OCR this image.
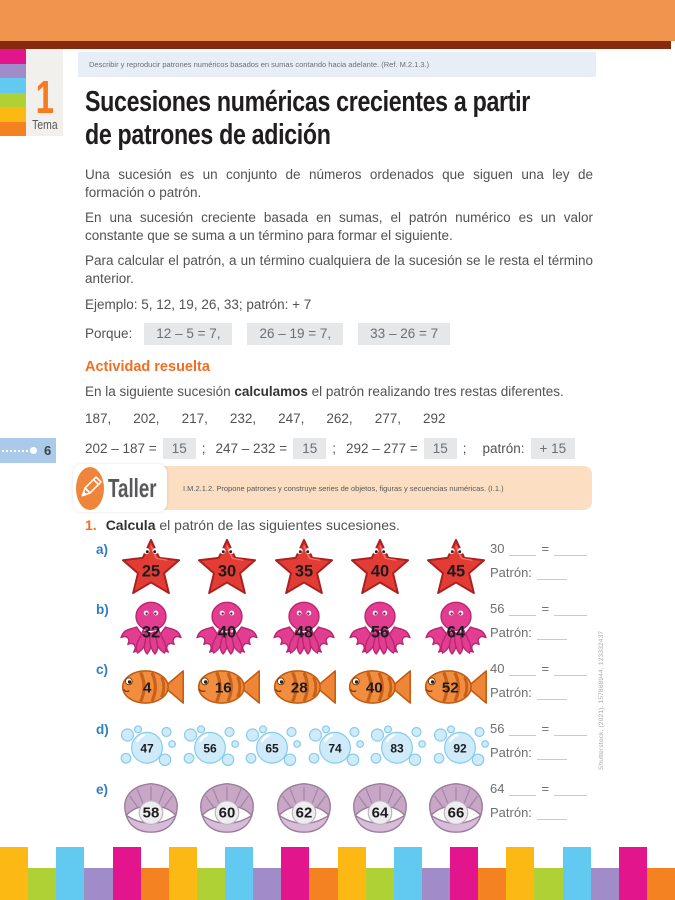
1
Tema
Describir y reproducir patrones numéricos basados en sumas contando hacia adelante. (Ref. M.2.1.3.)
Sucesiones numéricas crecientes a partir
de patrones de adición

Una sucesión es un conjunto de números ordenados que siguen una ley de formación o patrón.

En una sucesión creciente basada en sumas, el patrón numérico es un valor constante que se suma a un término para formar el siguiente.

Para calcular el patrón, a un término cualquiera de la sucesión se le resta el término anterior.

Ejemplo: 5, 12, 19, 26, 33; patrón: + 7
Porque:	12 – 5 = 7,	26 – 19 = 7,	33 – 26 = 7
Actividad resuelta
En la siguiente sucesión calculamos el patrón realizando tres restas diferentes.
187, 202, 217, 232, 247, 262, 277, 292
202 – 187 =	15	; 247 – 232 =	15	; 292 – 277 =	15	; patrón:	+ 15
6
I.M.2.1.2. Propone patrones y construye series de objetos, figuras y secuencias numéricas. (I.1.)
Taller
1. Calcula el patrón de las siguientes sucesiones.
a)
25	30	35	40	45
30	=
Patrón:
b)
32	40	48	56	64
56	=
Patrón:
c)
4	16	28	40	52
40	=
Patrón:
d)
47	56	65	74	83	92
56	=
Patrón:
e)
58	60	62	64	66
64	=
Patrón:
Shutterstock, (2021). 157868944, 123332437
